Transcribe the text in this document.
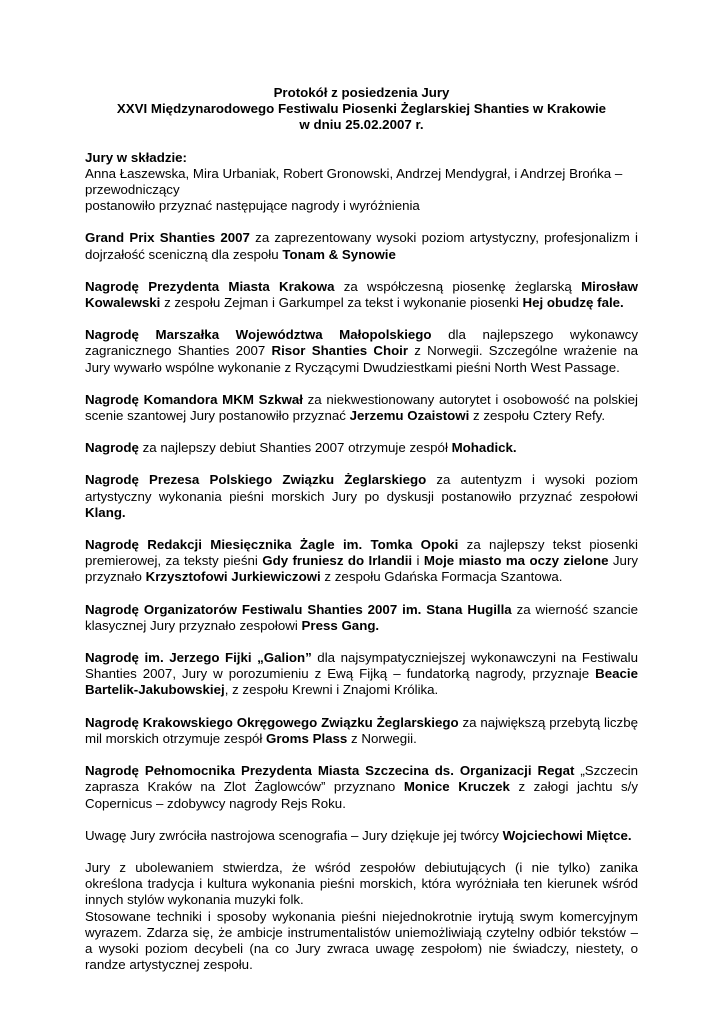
Protokół z posiedzenia Jury

XXVI Międzynarodowego Festiwalu Piosenki Żeglarskiej Shanties w Krakowie

w dniu 25.02.2007 r.

Jury w składzie:

Anna Łaszewska, Mira Urbaniak, Robert Gronowski, Andrzej Mendygrał, i Andrzej Brońka – przewodniczący

postanowiło przyznać następujące nagrody i wyróżnienia

Grand Prix Shanties 2007 za zaprezentowany wysoki poziom artystyczny, profesjonalizm i dojrzałość sceniczną dla zespołu Tonam & Synowie

Nagrodę Prezydenta Miasta Krakowa za współczesną piosenkę żeglarską Mirosław Kowalewski z zespołu Zejman i Garkumpel za tekst i wykonanie piosenki Hej obudzę fale.

Nagrodę Marszałka Województwa Małopolskiego dla najlepszego wykonawcy zagranicznego Shanties 2007 Risor Shanties Choir z Norwegii. Szczególne wrażenie na Jury wywarło wspólne wykonanie z Ryczącymi Dwudziestkami pieśni North West Passage.

Nagrodę Komandora MKM Szkwał za niekwestionowany autorytet i osobowość na polskiej scenie szantowej Jury postanowiło przyznać Jerzemu Ozaistowi z zespołu Cztery Refy.

Nagrodę za najlepszy debiut Shanties 2007 otrzymuje zespół Mohadick.

Nagrodę Prezesa Polskiego Związku Żeglarskiego za autentyzm i wysoki poziom artystyczny wykonania pieśni morskich Jury po dyskusji postanowiło przyznać zespołowi Klang.

Nagrodę Redakcji Miesięcznika Żagle im. Tomka Opoki za najlepszy tekst piosenki premierowej, za teksty pieśni Gdy fruniesz do Irlandii i Moje miasto ma oczy zielone Jury przyznało Krzysztofowi Jurkiewiczowi z zespołu Gdańska Formacja Szantowa.

Nagrodę Organizatorów Festiwalu Shanties 2007 im. Stana Hugilla za wierność szancie klasycznej Jury przyznało zespołowi Press Gang.

Nagrodę im. Jerzego Fijki „Galion” dla najsympatyczniejszej wykonawczyni na Festiwalu Shanties 2007, Jury w porozumieniu z Ewą Fijką – fundatorką nagrody, przyznaje Beacie Bartelik-Jakubowskiej, z zespołu Krewni i Znajomi Królika.

Nagrodę Krakowskiego Okręgowego Związku Żeglarskiego za największą przebytą liczbę mil morskich otrzymuje zespół Groms Plass z Norwegii.

Nagrodę Pełnomocnika Prezydenta Miasta Szczecina ds. Organizacji Regat „Szczecin zaprasza Kraków na Zlot Żaglowców” przyznano Monice Kruczek z załogi jachtu s/y Copernicus – zdobywcy nagrody Rejs Roku.

Uwagę Jury zwróciła nastrojowa scenografia – Jury dziękuje jej twórcy Wojciechowi Miętce.

Jury z ubolewaniem stwierdza, że wśród zespołów debiutujących (i nie tylko) zanika określona tradycja i kultura wykonania pieśni morskich, która wyróżniała ten kierunek wśród innych stylów wykonania muzyki folk.

Stosowane techniki i sposoby wykonania pieśni niejednokrotnie irytują swym komercyjnym wyrazem. Zdarza się, że ambicje instrumentalistów uniemożliwiają czytelny odbiór tekstów – a wysoki poziom decybeli (na co Jury zwraca uwagę zespołom) nie świadczy, niestety, o randze artystycznej zespołu.
